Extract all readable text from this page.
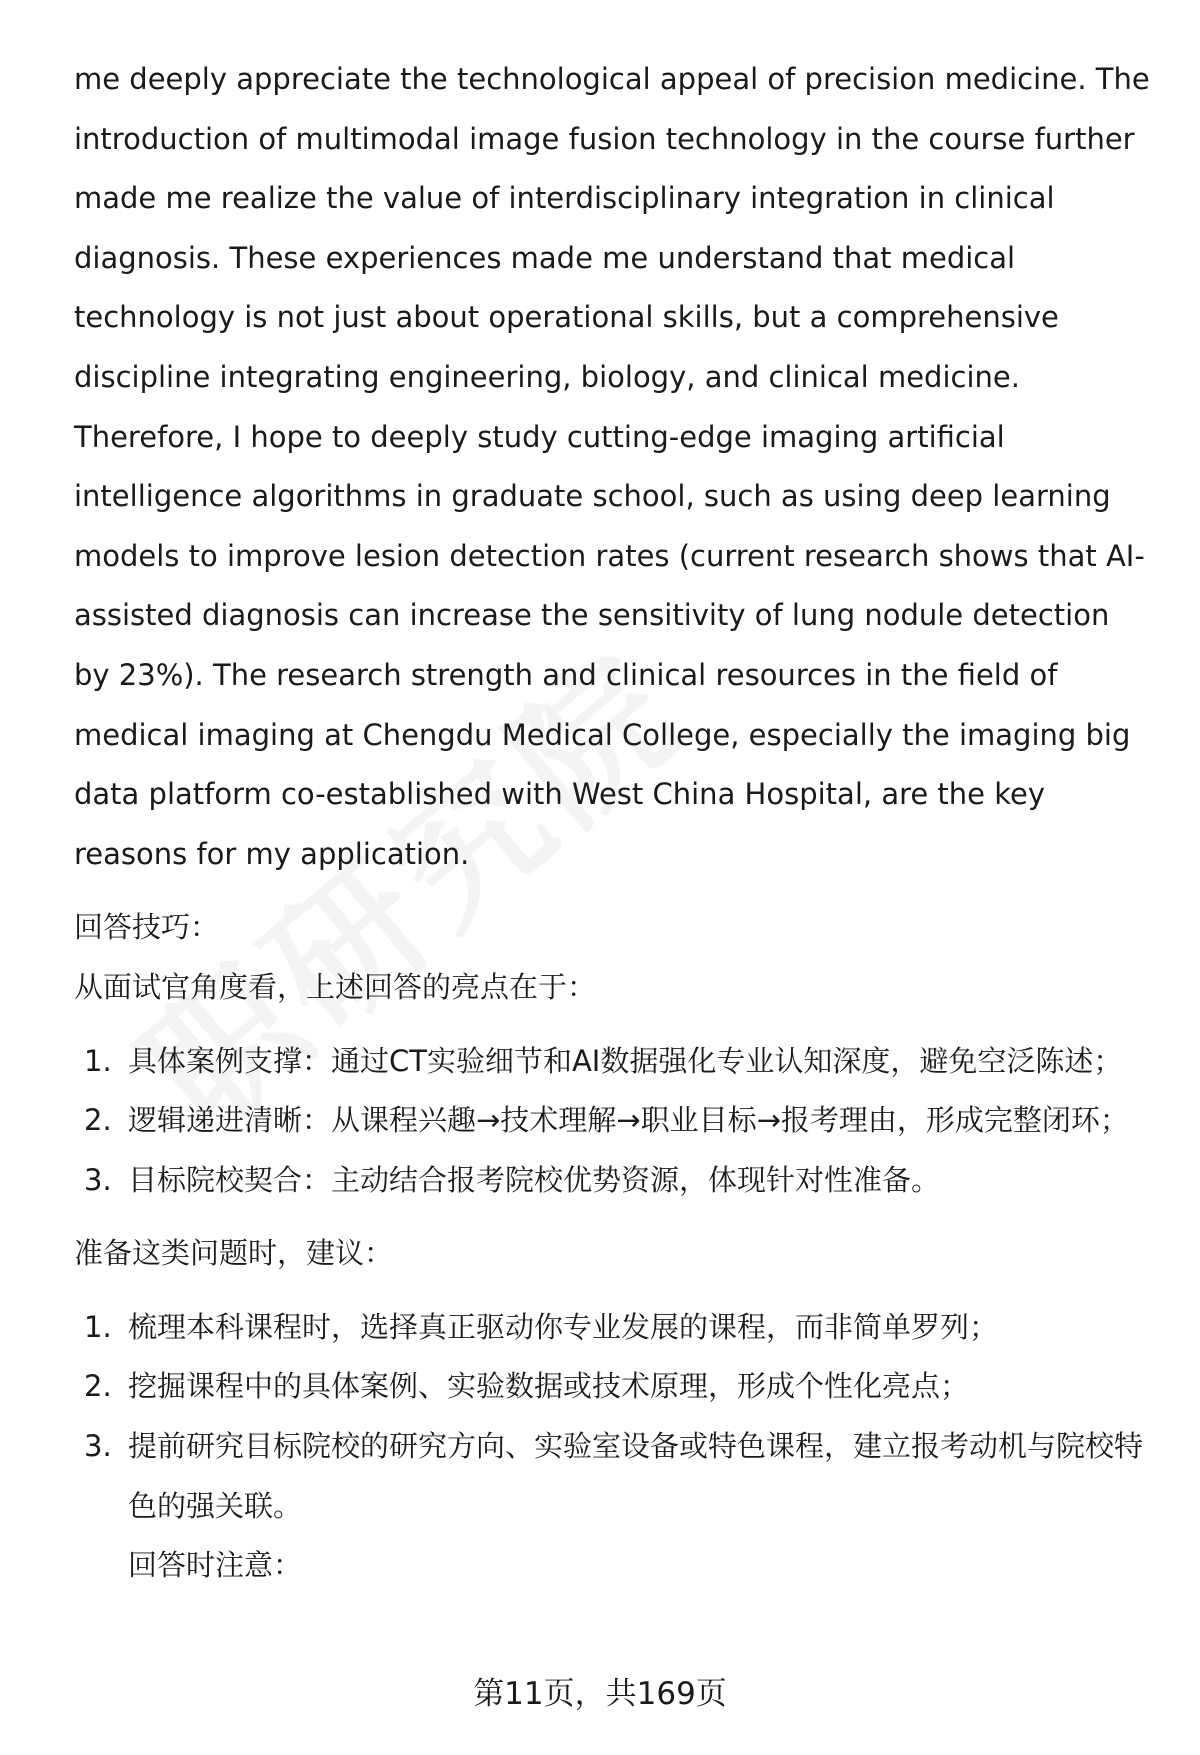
me deeply appreciate the technological appeal of precision medicine. The introduction of multimodal image fusion technology in the course further made me realize the value of interdisciplinary integration in clinical diagnosis. These experiences made me understand that medical technology is not just about operational skills, but a comprehensive discipline integrating engineering, biology, and clinical medicine. Therefore, I hope to deeply study cutting-edge imaging artificial intelligence algorithms in graduate school, such as using deep learning models to improve lesion detection rates (current research shows that AI-assisted diagnosis can increase the sensitivity of lung nodule detection by 23%). The research strength and clinical resources in the field of medical imaging at Chengdu Medical College, especially the imaging big data platform co-established with West China Hospital, are the key reasons for my application.

回答技巧：

从面试官角度看，上述回答的亮点在于：

1. 具体案例支撑：通过CT实验细节和AI数据强化专业认知深度，避免空泛陈述；
2. 逻辑递进清晰：从课程兴趣→技术理解→职业目标→报考理由，形成完整闭环；
3. 目标院校契合：主动结合报考院校优势资源，体现针对性准备。

准备这类问题时，建议：

1. 梳理本科课程时，选择真正驱动你专业发展的课程，而非简单罗列；
2. 挖掘课程中的具体案例、实验数据或技术原理，形成个性化亮点；
3. 提前研究目标院校的研究方向、实验室设备或特色课程，建立报考动机与院校特色的强关联。

回答时注意：

第11页，共169页
